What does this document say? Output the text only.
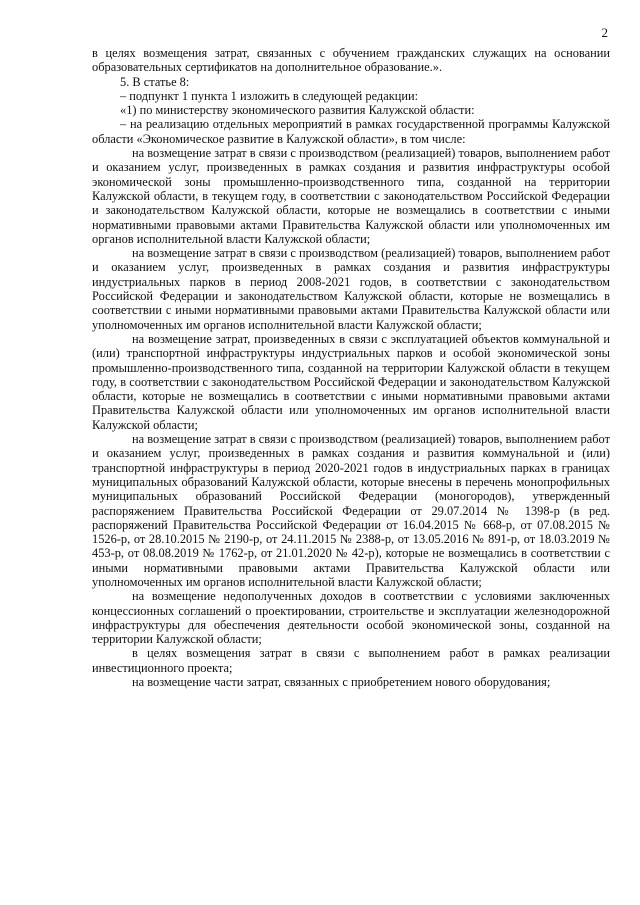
2

в целях возмещения затрат, связанных с обучением гражданских служащих на основании образовательных сертификатов на дополнительное образование.».

5. В статье 8:

– подпункт 1 пункта 1 изложить в следующей редакции:

«1) по министерству экономического развития Калужской области:

– на реализацию отдельных мероприятий в рамках государственной программы Калужской области «Экономическое развитие в Калужской области», в том числе:

на возмещение затрат в связи с производством (реализацией) товаров, выполнением работ и оказанием услуг, произведенных в рамках создания и развития инфраструктуры особой экономической зоны промышленно-производственного типа, созданной на территории Калужской области, в текущем году, в соответствии с законодательством Российской Федерации и законодательством Калужской области, которые не возмещались в соответствии с иными нормативными правовыми актами Правительства Калужской области или уполномоченных им органов исполнительной власти Калужской области;

на возмещение затрат в связи с производством (реализацией) товаров, выполнением работ и оказанием услуг, произведенных в рамках создания и развития инфраструктуры индустриальных парков в период 2008-2021 годов, в соответствии с законодательством Российской Федерации и законодательством Калужской области, которые не возмещались в соответствии с иными нормативными правовыми актами Правительства Калужской области или уполномоченных им органов исполнительной власти Калужской области;

на возмещение затрат, произведенных в связи с эксплуатацией объектов коммунальной и (или) транспортной инфраструктуры индустриальных парков и особой экономической зоны промышленно-производственного типа, созданной на территории Калужской области в текущем году, в соответствии с законодательством Российской Федерации и законодательством Калужской области, которые не возмещались в соответствии с иными нормативными правовыми актами Правительства Калужской области или уполномоченных им органов исполнительной власти Калужской области;

на возмещение затрат в связи с производством (реализацией) товаров, выполнением работ и оказанием услуг, произведенных в рамках создания и развития коммунальной и (или) транспортной инфраструктуры в период 2020-2021 годов в индустриальных парках в границах муниципальных образований Калужской области, которые внесены в перечень монопрофильных муниципальных образований Российской Федерации (моногородов), утвержденный распоряжением Правительства Российской Федерации от 29.07.2014 № 1398-р (в ред. распоряжений Правительства Российской Федерации от 16.04.2015 № 668-р, от 07.08.2015 № 1526-р, от 28.10.2015 № 2190-р, от 24.11.2015 № 2388-р, от 13.05.2016 № 891-р, от 18.03.2019 № 453-р, от 08.08.2019 № 1762-р, от 21.01.2020 № 42-р), которые не возмещались в соответствии с иными нормативными правовыми актами Правительства Калужской области или уполномоченных им органов исполнительной власти Калужской области;

на возмещение недополученных доходов в соответствии с условиями заключенных концессионных соглашений о проектировании, строительстве и эксплуатации железнодорожной инфраструктуры для обеспечения деятельности особой экономической зоны, созданной на территории Калужской области;

в целях возмещения затрат в связи с выполнением работ в рамках реализации инвестиционного проекта;

на возмещение части затрат, связанных с приобретением нового оборудования;
